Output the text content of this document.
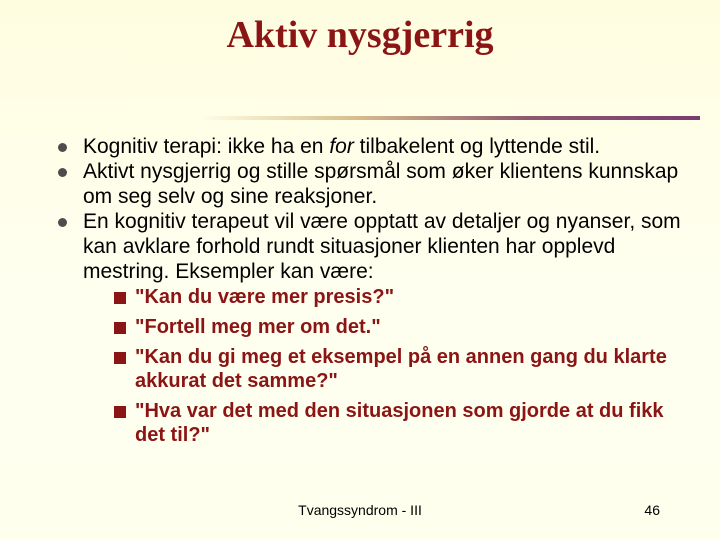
Aktiv nysgjerrig
Kognitiv terapi: ikke ha en for tilbakelent og lyttende stil.
Aktivt nysgjerrig og stille spørsmål som øker klientens kunnskap om seg selv og sine reaksjoner.
En kognitiv terapeut vil være opptatt av detaljer og nyanser, som kan avklare forhold rundt situasjoner klienten har opplevd mestring. Eksempler kan være:
"Kan du være mer presis?"
"Fortell meg mer om det."
"Kan du gi meg et eksempel på en annen gang du klarte akkurat det samme?"
"Hva var det med den situasjonen som gjorde at du fikk det til?"
Tvangssyndrom - III	46
